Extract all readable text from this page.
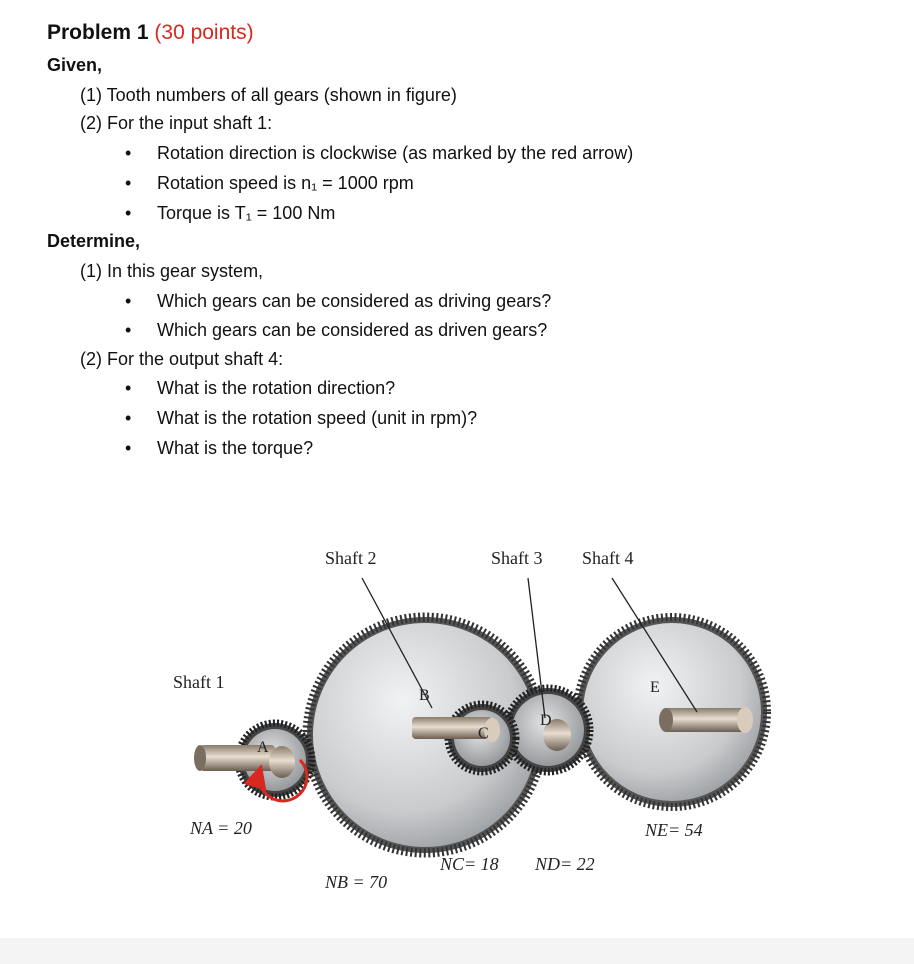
Problem 1 (30 points)
Given,
(1) Tooth numbers of all gears (shown in figure)
(2) For the input shaft 1:
• Rotation direction is clockwise (as marked by the red arrow)
• Rotation speed is n₁ = 1000 rpm
• Torque is T₁ = 100 Nm
Determine,
(1) In this gear system,
• Which gears can be considered as driving gears?
• Which gears can be considered as driven gears?
(2) For the output shaft 4:
• What is the rotation direction?
• What is the rotation speed (unit in rpm)?
• What is the torque?
Shaft 2	Shaft 3 Shaft 4
Shaft 1
A
B
C
D
E
NA = 20
NB = 70
NC= 18 ND= 22
NE= 54
